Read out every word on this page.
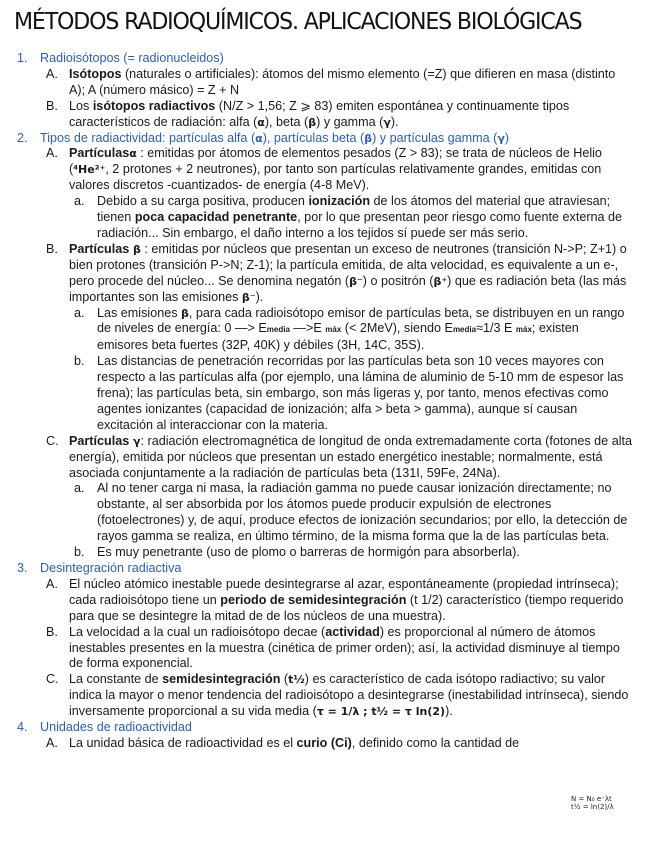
MÉTODOS RADIOQUÍMICOS. APLICACIONES BIOLÓGICAS
1. Radioisótopos (= radionucleidos)
A. Isótopos (naturales o artificiales): átomos del mismo elemento (=Z) que difieren en masa (distinto A); A (número másico) = Z + N
B. Los isótopos radiactivos (N/Z > 1,56; Z ⩾ 83) emiten espontánea y continuamente tipos característicos de radiación: alfa (α), beta (β) y gamma (γ).
2. Tipos de radiactividad: partículas alfa (α), partículas beta (β) y partículas gamma (γ)
A. Partículasα : emitidas por átomos de elementos pesados (Z > 83); se trata de núcleos de Helio (⁴He²⁺, 2 protones + 2 neutrones), por tanto son partículas relativamente grandes, emitidas con valores discretos -cuantizados- de energía (4-8 MeV).
a. Debido a su carga positiva, producen ionización de los átomos del material que atraviesan; tienen poca capacidad penetrante, por lo que presentan peor riesgo como fuente externa de radiación... Sin embargo, el daño interno a los tejidos sí puede ser más serio.
B. Partículas β : emitidas por núcleos que presentan un exceso de neutrones (transición N->P; Z+1) o bien protones (transición P->N; Z-1); la partícula emitida, de alta velocidad, es equivalente a un e-, pero procede del núcleo... Se denomina negatón (β⁻) o positrón (β⁺) que es radiación beta (las más importantes son las emisiones β⁻).
a. Las emisiones β, para cada radioisótopo emisor de partículas beta, se distribuyen en un rango de niveles de energía: 0 —> Emedia —>E máx (< 2MeV), siendo Emedia≈1/3 E máx; existen emisores beta fuertes (32P, 40K) y débiles (3H, 14C, 35S).
b. Las distancias de penetración recorridas por las partículas beta son 10 veces mayores con respecto a las partículas alfa (por ejemplo, una lámina de aluminio de 5-10 mm de espesor las frena); las partículas beta, sin embargo, son más ligeras y, por tanto, menos efectivas como agentes ionizantes (capacidad de ionización; alfa > beta > gamma), aunque sí causan excitación al interaccionar con la materia.
C. Partículas γ: radiación electromagnética de longitud de onda extremadamente corta (fotones de alta energía), emitida por núcleos que presentan un estado energético inestable; normalmente, está asociada conjuntamente a la radiación de partículas beta (131I, 59Fe, 24Na).
a. Al no tener carga ni masa, la radiación gamma no puede causar ionización directamente; no obstante, al ser absorbida por los átomos puede producir expulsión de electrones (fotoelectrones) y, de aquí, produce efectos de ionización secundarios; por ello, la detección de rayos gamma se realiza, en último término, de la misma forma que la de las partículas beta.
b. Es muy penetrante (uso de plomo o barreras de hormigón para absorberla).
3. Desintegración radiactiva
A. El núcleo atómico inestable puede desintegrarse al azar, espontáneamente (propiedad intrínseca); cada radioisótopo tiene un periodo de semidesintegración (t 1/2) característico (tiempo requerido para que se desintegre la mitad de de los núcleos de una muestra).
B. La velocidad a la cual un radioisótopo decae (actividad) es proporcional al número de átomos inestables presentes en la muestra (cinética de primer orden); así, la actividad disminuye al tiempo de forma exponencial.
C. La constante de semidesintegración (t½) es característico de cada isótopo radiactivo; su valor indica la mayor o menor tendencia del radioisótopo a desintegrarse (inestabilidad intrínseca), siendo inversamente proporcional a su vida media (τ = 1/λ ; t½ = τ ln(2)).
4. Unidades de radioactividad
A. La unidad básica de radioactividad es el curio (Ci), definido como la cantidad de
N = N₀ e⁻λt
t½ = ln(2)/λ
